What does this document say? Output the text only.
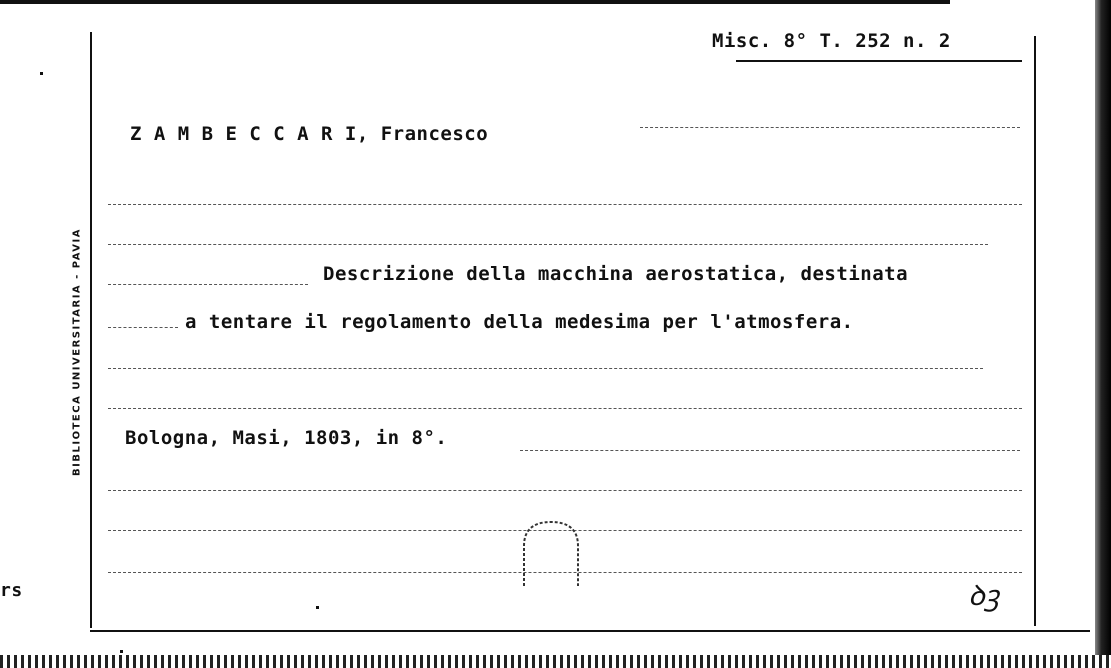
BIBLIOTECA UNIVERSITARIA - PAVIA
rs
Misc. 8° T. 252 n. 2
Z A M B E C C A R I, Francesco
Descrizione della macchina aerostatica, destinata
a tentare il regolamento della medesima per l'atmosfera.
Bologna, Masi, 1803, in 8°.
ꝺꝫ
